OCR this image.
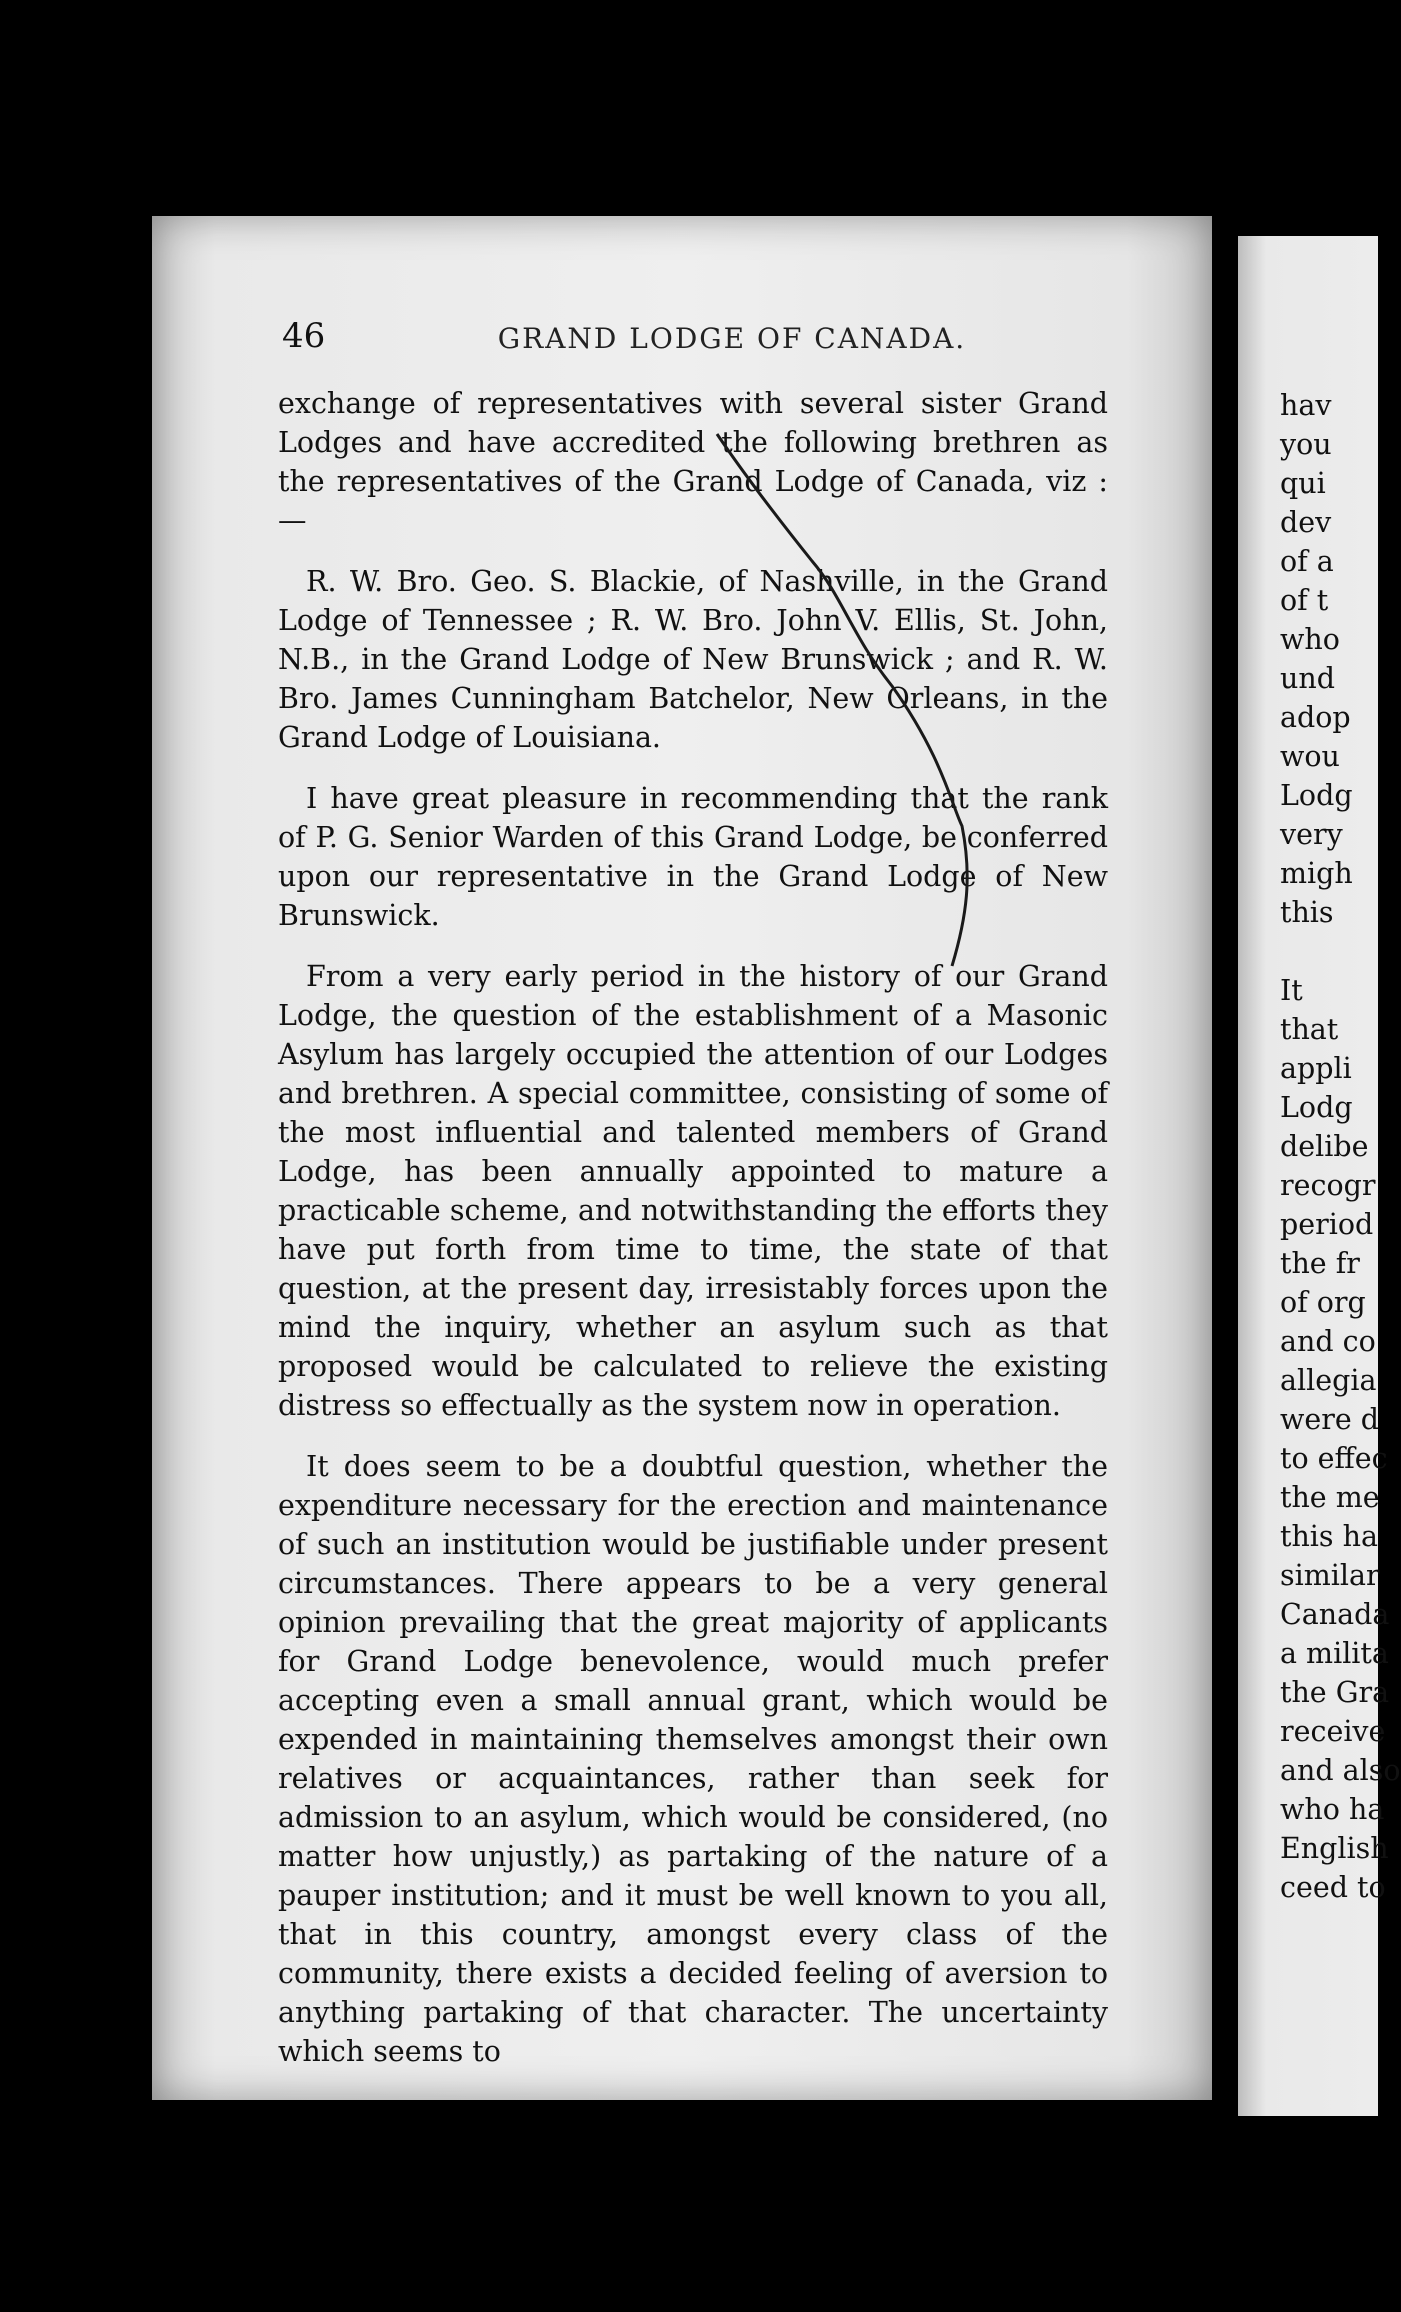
46	GRAND LODGE OF CANADA.

exchange of representatives with several sister Grand Lodges and have accredited the following brethren as the representatives of the Grand Lodge of Canada, viz :—

R. W. Bro. Geo. S. Blackie, of Nashville, in the Grand Lodge of Tennessee ; R. W. Bro. John V. Ellis, St. John, N.B., in the Grand Lodge of New Brunswick ; and R. W. Bro. James Cunningham Batchelor, New Orleans, in the Grand Lodge of Louisiana.

I have great pleasure in recommending that the rank of P. G. Senior Warden of this Grand Lodge, be conferred upon our representative in the Grand Lodge of New Brunswick.

From a very early period in the history of our Grand Lodge, the question of the establishment of a Masonic Asylum has largely occupied the attention of our Lodges and brethren. A special committee, consisting of some of the most influential and talented members of Grand Lodge, has been annually appointed to mature a practicable scheme, and notwithstanding the efforts they have put forth from time to time, the state of that question, at the present day, irresistably forces upon the mind the inquiry, whether an asylum such as that proposed would be calculated to relieve the existing distress so effectually as the system now in operation.

It does seem to be a doubtful question, whether the expenditure necessary for the erection and maintenance of such an institution would be justifiable under present circumstances. There appears to be a very general opinion prevailing that the great majority of applicants for Grand Lodge benevolence, would much prefer accepting even a small annual grant, which would be expended in maintaining themselves amongst their own relatives or acquaintances, rather than seek for admission to an asylum, which would be considered, (no matter how unjustly,) as partaking of the nature of a pauper institution; and it must be well known to you all, that in this country, amongst every class of the community, there exists a decided feeling of aversion to anything partaking of that character. The uncertainty which seems to

hav
you
qui
dev
of a
of t
who
und
adop
wou
Lodg
very
migh
this

It
that
appli
Lodg
delibe
recogr
period
the fr
of org
and co
allegia
were d
to effec
the me
this ha
similar
Canada
a milita
the Gra
receive
and also
who ha
English
ceed to
